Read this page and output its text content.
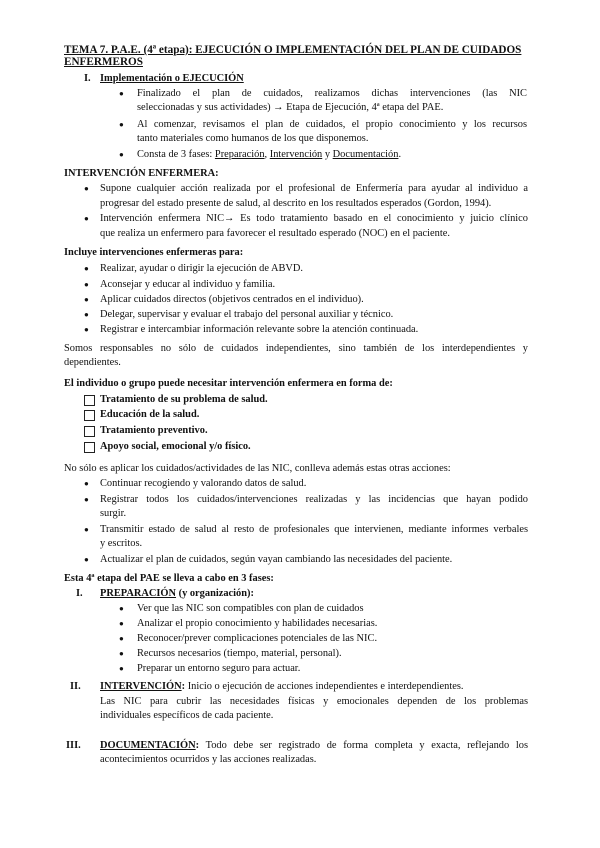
TEMA 7. P.A.E. (4ª etapa): EJECUCIÓN O IMPLEMENTACIÓN DEL PLAN DE CUIDADOS
ENFERMEROS
I. Implementación o EJECUCIÓN
● Finalizado el plan de cuidados, realizamos dichas intervenciones (las NIC
seleccionadas y sus actividades) → Etapa de Ejecución, 4ª etapa del PAE.
● Al comenzar, revisamos el plan de cuidados, el propio conocimiento y los recursos
tanto materiales como humanos de los que disponemos.
● Consta de 3 fases: Preparación, Intervención y Documentación.
INTERVENCIÓN ENFERMERA:
● Supone cualquier acción realizada por el profesional de Enfermería para ayudar al individuo a
progresar del estado presente de salud, al descrito en los resultados esperados (Gordon, 1994).
● Intervención enfermera NIC→ Es todo tratamiento basado en el conocimiento y juicio clínico
que realiza un enfermero para favorecer el resultado esperado (NOC) en el paciente.
Incluye intervenciones enfermeras para:
● Realizar, ayudar o dirigir la ejecución de ABVD.
● Aconsejar y educar al individuo y familia.
● Aplicar cuidados directos (objetivos centrados en el individuo).
● Delegar, supervisar y evaluar el trabajo del personal auxiliar y técnico.
● Registrar e intercambiar información relevante sobre la atención continuada.
Somos responsables no sólo de cuidados independientes, sino también de los interdependientes y
dependientes.
El individuo o grupo puede necesitar intervención enfermera en forma de:
Tratamiento de su problema de salud.
Educación de la salud.
Tratamiento preventivo.
Apoyo social, emocional y/o físico.
No sólo es aplicar los cuidados/actividades de las NIC, conlleva además estas otras acciones:
● Continuar recogiendo y valorando datos de salud.
● Registrar todos los cuidados/intervenciones realizadas y las incidencias que hayan podido
surgir.
● Transmitir estado de salud al resto de profesionales que intervienen, mediante informes verbales
y escritos.
● Actualizar el plan de cuidados, según vayan cambiando las necesidades del paciente.
Esta 4ª etapa del PAE se lleva a cabo en 3 fases:
I. PREPARACIÓN (y organización):
● Ver que las NIC son compatibles con plan de cuidados
● Analizar el propio conocimiento y habilidades necesarias.
● Reconocer/prever complicaciones potenciales de las NIC.
● Recursos necesarios (tiempo, material, personal).
● Preparar un entorno seguro para actuar.
II. INTERVENCIÓN: Inicio o ejecución de acciones independientes e interdependientes.
Las NIC para cubrir las necesidades físicas y emocionales dependen de los problemas
individuales específicos de cada paciente.
III. DOCUMENTACIÓN: Todo debe ser registrado de forma completa y exacta, reflejando los
acontecimientos ocurridos y las acciones realizadas.
